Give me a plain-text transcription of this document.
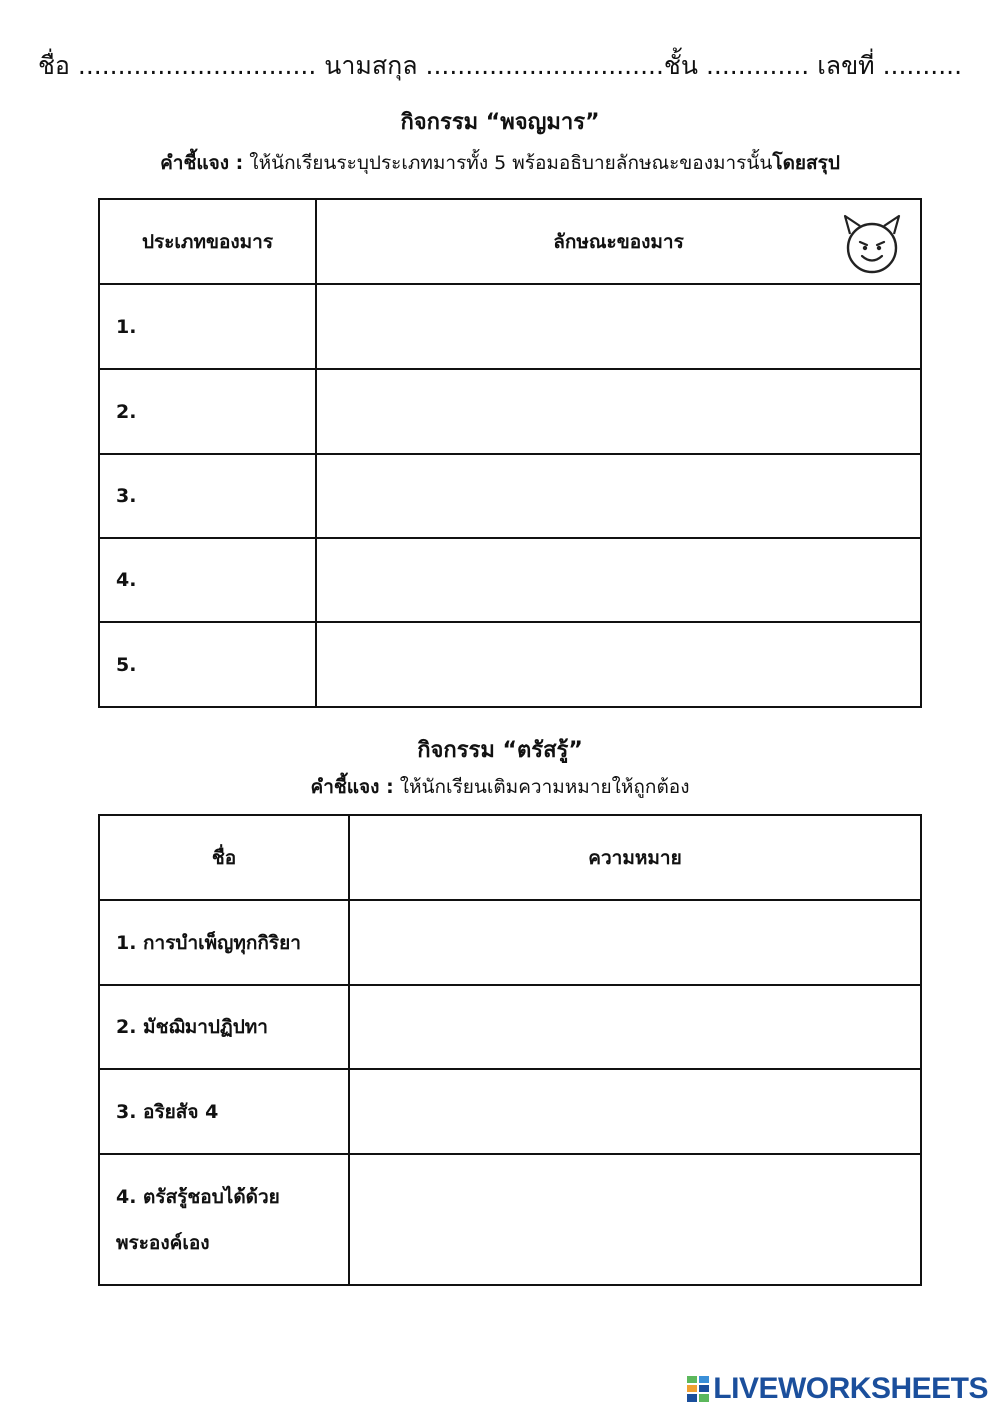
ชื่อ .............................. นามสกุล ..............................ชั้น ............. เลขที่ ..........
กิจกรรม “พจญมาร”
คำชี้แจง : ให้นักเรียนระบุประเภทมารทั้ง 5 พร้อมอธิบายลักษณะของมารนั้นโดยสรุป
ประเภทของมาร	ลักษณะของมาร

1.	
2.	
3.	
4.	
5.	
กิจกรรม “ตรัสรู้”
คำชี้แจง : ให้นักเรียนเติมความหมายให้ถูกต้อง
ชื่อ	ความหมาย
1. การบำเพ็ญทุกกิริยา	
2. มัชฌิมาปฏิปทา	
3. อริยสัจ 4	
4. ตรัสรู้ชอบได้ด้วยพระองค์เอง	
LIVEWORKSHEETS
